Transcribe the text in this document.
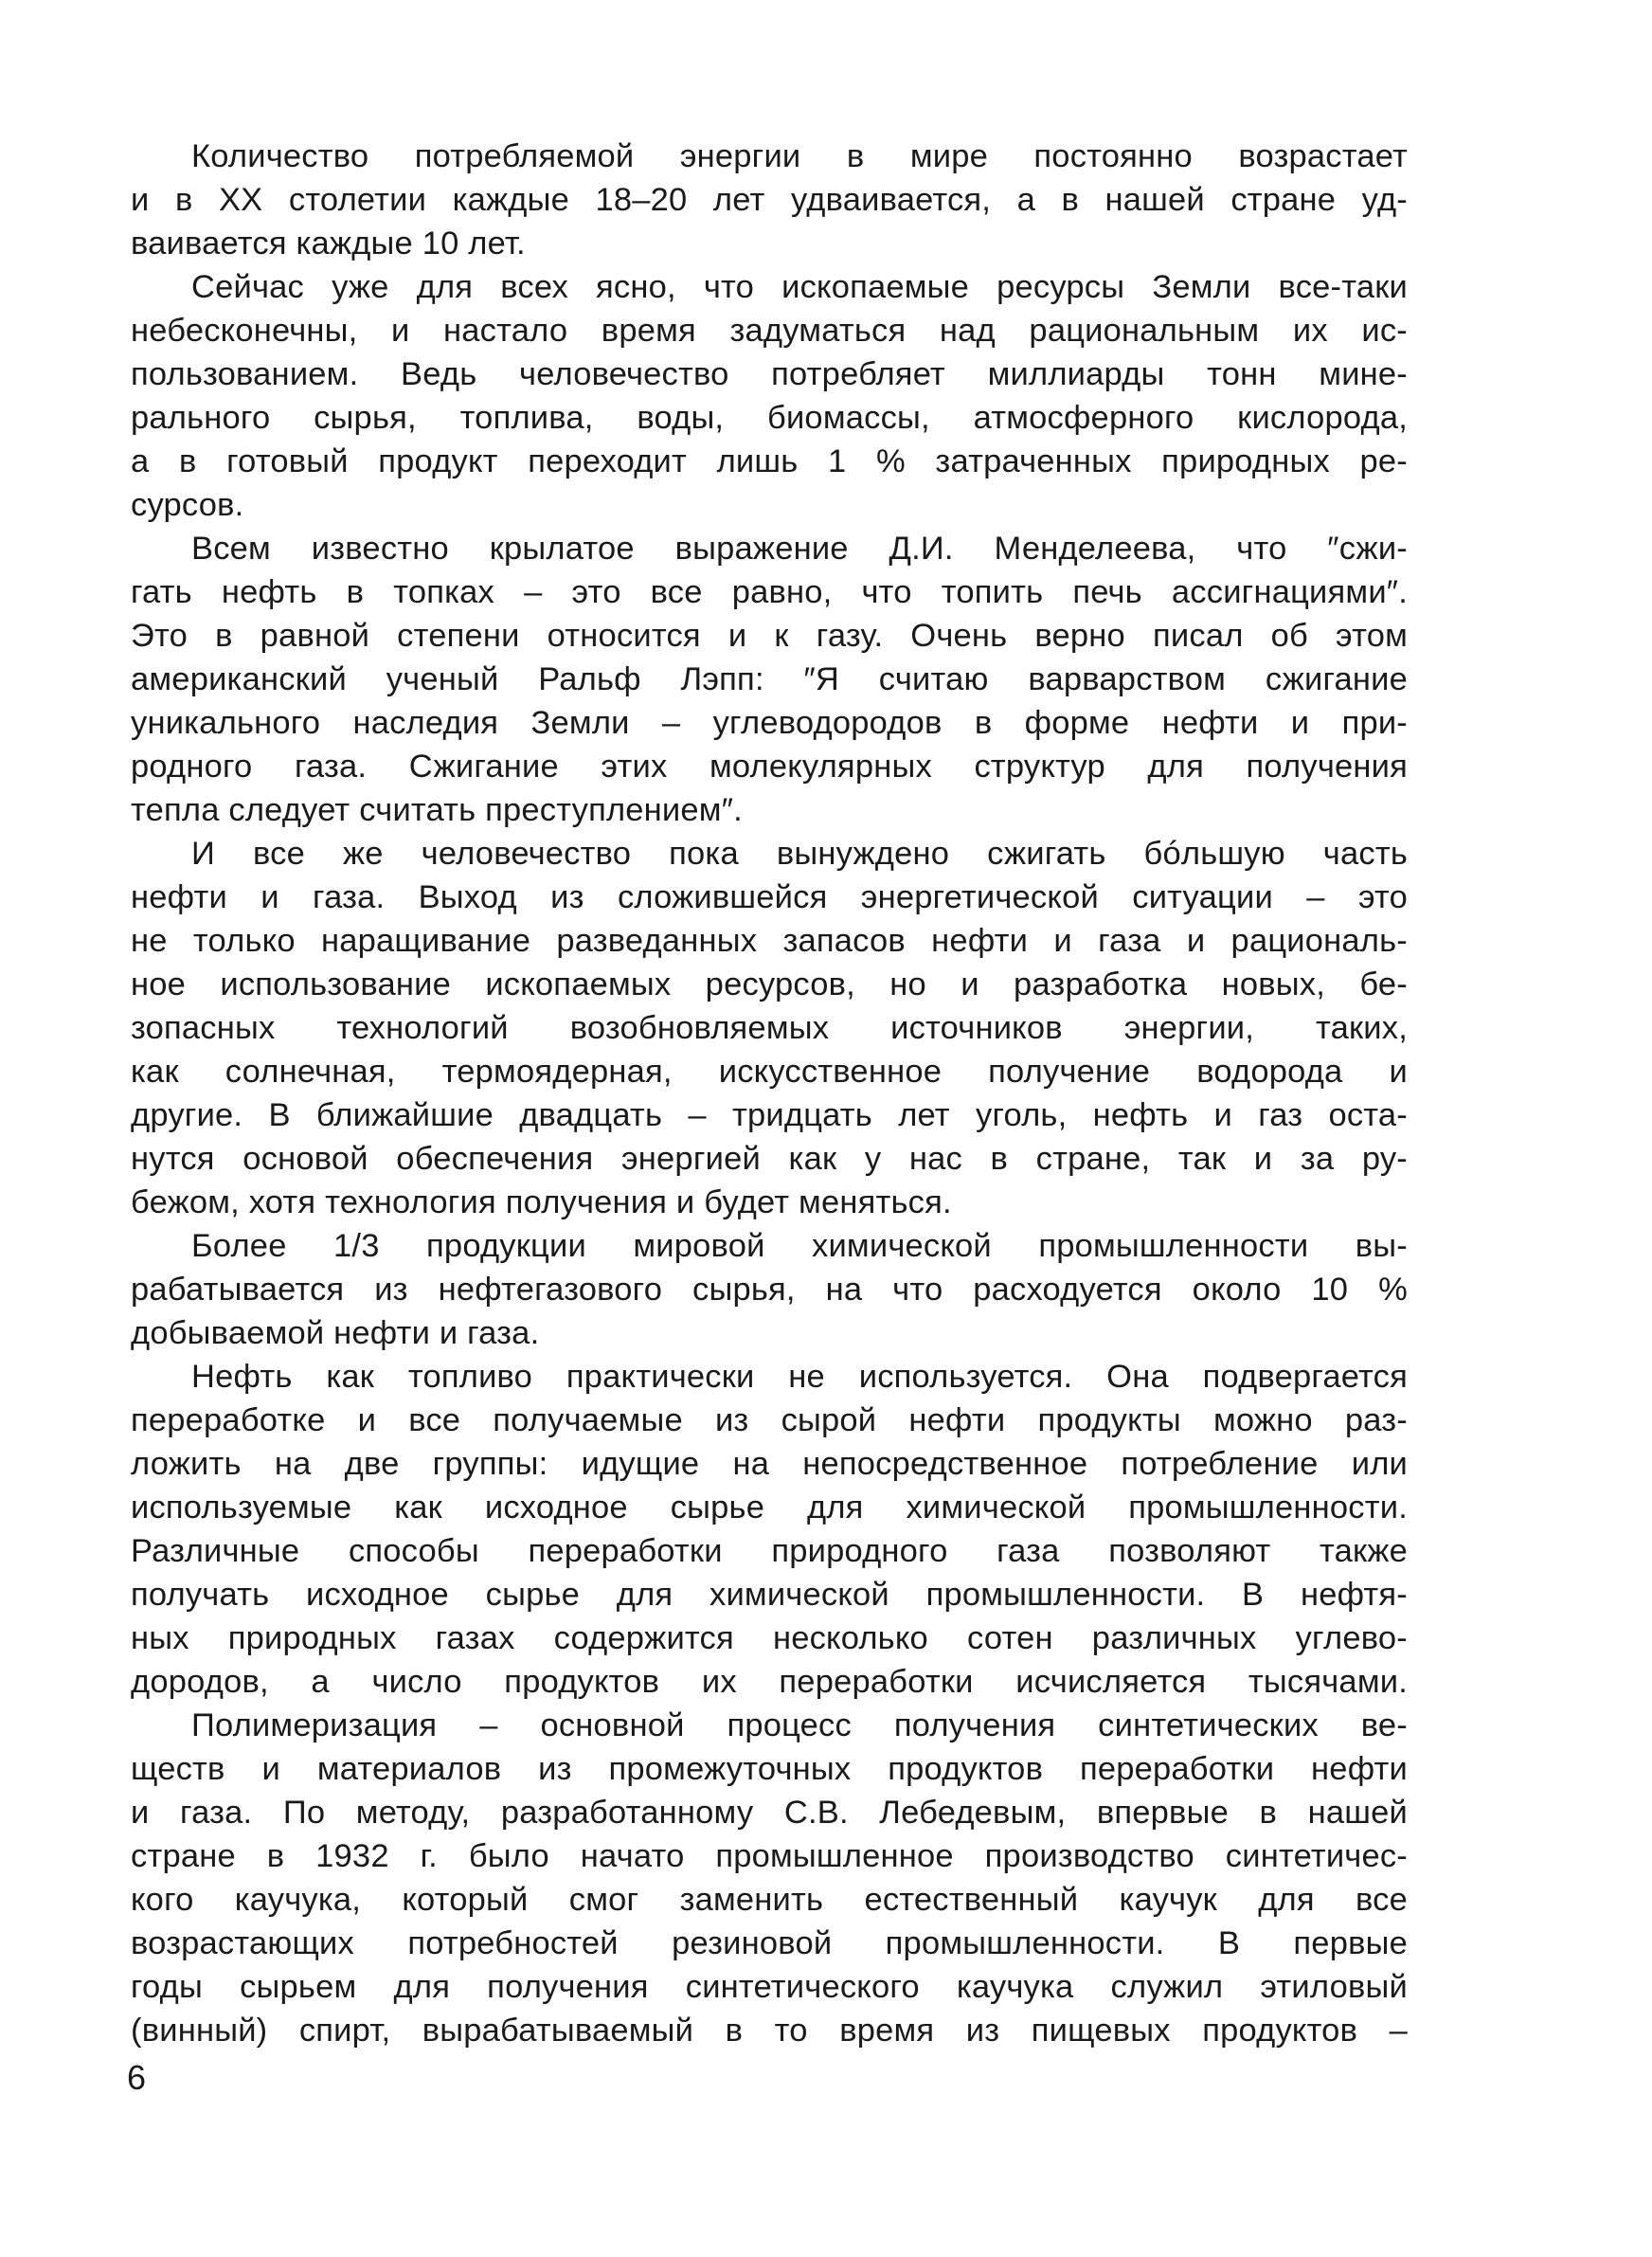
Количество потребляемой энергии в мире постоянно возрастает
и в XX столетии каждые 18–20 лет удваивается, а в нашей стране уд-
ваивается каждые 10 лет.
Сейчас уже для всех ясно, что ископаемые ресурсы Земли все-таки
небесконечны, и настало время задуматься над рациональным их ис-
пользованием. Ведь человечество потребляет миллиарды тонн мине-
рального сырья, топлива, воды, биомассы, атмосферного кислорода,
а в готовый продукт переходит лишь 1 % затраченных природных ре-
сурсов.
Всем известно крылатое выражение Д.И. Менделеева, что ″сжи-
гать нефть в топках – это все равно, что топить печь ассигнациями″.
Это в равной степени относится и к газу. Очень верно писал об этом
американский ученый Ральф Лэпп: ″Я считаю варварством сжигание
уникального наследия Земли – углеводородов в форме нефти и при-
родного газа. Сжигание этих молекулярных структур для получения
тепла следует считать преступлением″.
И все же человечество пока вынуждено сжигать бóльшую часть
нефти и газа. Выход из сложившейся энергетической ситуации – это
не только наращивание разведанных запасов нефти и газа и рациональ-
ное использование ископаемых ресурсов, но и разработка новых, бе-
зопасных технологий возобновляемых источников энергии, таких,
как солнечная, термоядерная, искусственное получение водорода и
другие. В ближайшие двадцать – тридцать лет уголь, нефть и газ оста-
нутся основой обеспечения энергией как у нас в стране, так и за ру-
бежом, хотя технология получения и будет меняться.
Более 1/3 продукции мировой химической промышленности вы-
рабатывается из нефтегазового сырья, на что расходуется около 10 %
добываемой нефти и газа.
Нефть как топливо практически не используется. Она подвергается
переработке и все получаемые из сырой нефти продукты можно раз-
ложить на две группы: идущие на непосредственное потребление или
используемые как исходное сырье для химической промышленности.
Различные способы переработки природного газа позволяют также
получать исходное сырье для химической промышленности. В нефтя-
ных природных газах содержится несколько сотен различных углево-
дородов, а число продуктов их переработки исчисляется тысячами.
Полимеризация – основной процесс получения синтетических ве-
ществ и материалов из промежуточных продуктов переработки нефти
и газа. По методу, разработанному С.В. Лебедевым, впервые в нашей
стране в 1932 г. было начато промышленное производство синтетичес-
кого каучука, который смог заменить естественный каучук для все
возрастающих потребностей резиновой промышленности. В первые
годы сырьем для получения синтетического каучука служил этиловый
(винный) спирт, вырабатываемый в то время из пищевых продуктов –
6
